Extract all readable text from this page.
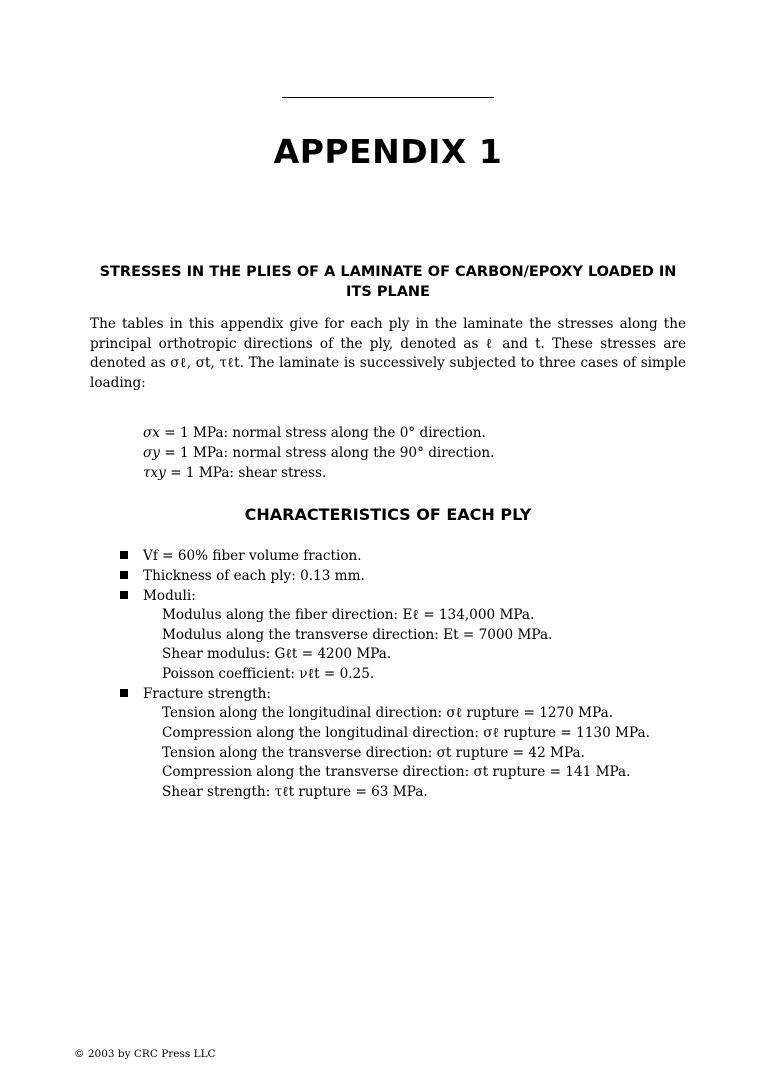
APPENDIX 1
STRESSES IN THE PLIES OF A LAMINATE OF CARBON/EPOXY LOADED IN ITS PLANE

The tables in this appendix give for each ply in the laminate the stresses along the principal orthotropic directions of the ply, denoted as ℓ and t. These stresses are denoted as σℓ, σt, τℓt. The laminate is successively subjected to three cases of simple loading:

σx = 1 MPa: normal stress along the 0° direction.
σy = 1 MPa: normal stress along the 90° direction.
τxy = 1 MPa: shear stress.
CHARACTERISTICS OF EACH PLY
Vf = 60% fiber volume fraction.
Thickness of each ply: 0.13 mm.
Moduli:
Modulus along the fiber direction: Eℓ = 134,000 MPa.
Modulus along the transverse direction: Et = 7000 MPa.
Shear modulus: Gℓt = 4200 MPa.
Poisson coefficient: νℓt = 0.25.
Fracture strength:
Tension along the longitudinal direction: σℓ rupture = 1270 MPa.
Compression along the longitudinal direction: σℓ rupture = 1130 MPa.
Tension along the transverse direction: σt rupture = 42 MPa.
Compression along the transverse direction: σt rupture = 141 MPa.
Shear strength: τℓt rupture = 63 MPa.

© 2003 by CRC Press LLC
